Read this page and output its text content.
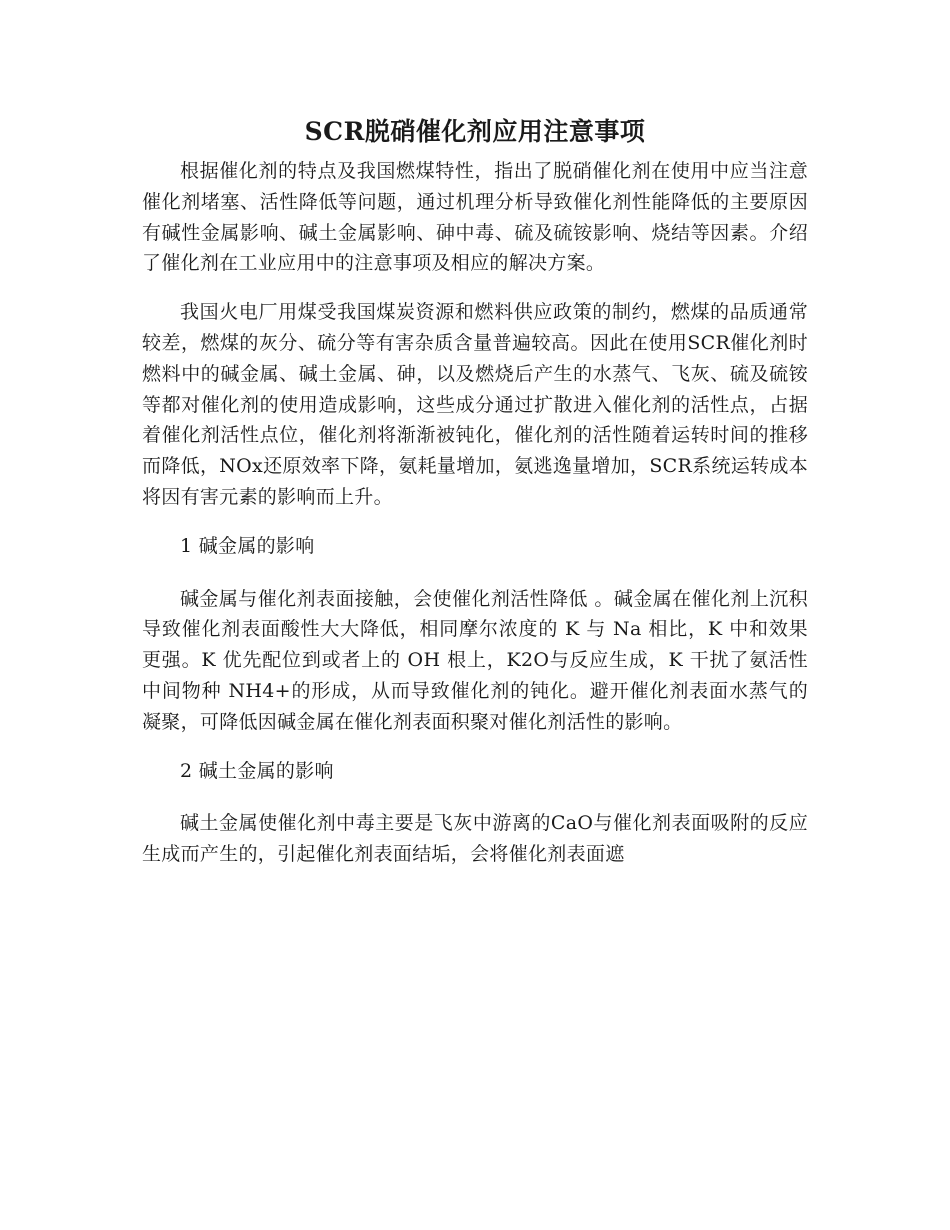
SCR脱硝催化剂应用注意事项

根据催化剂的特点及我国燃煤特性，指出了脱硝催化剂在使用中应当注意催化剂堵塞、活性降低等问题，通过机理分析导致催化剂性能降低的主要原因有碱性金属影响、碱土金属影响、砷中毒、硫及硫铵影响、烧结等因素。介绍了催化剂在工业应用中的注意事项及相应的解决方案。

我国火电厂用煤受我国煤炭资源和燃料供应政策的制约，燃煤的品质通常较差，燃煤的灰分、硫分等有害杂质含量普遍较高。因此在使用SCR催化剂时燃料中的碱金属、碱土金属、砷，以及燃烧后产生的水蒸气、飞灰、硫及硫铵等都对催化剂的使用造成影响，这些成分通过扩散进入催化剂的活性点，占据着催化剂活性点位，催化剂将渐渐被钝化，催化剂的活性随着运转时间的推移而降低，NOx还原效率下降，氨耗量增加，氨逃逸量增加，SCR系统运转成本将因有害元素的影响而上升。

1 碱金属的影响

碱金属与催化剂表面接触，会使催化剂活性降低 。碱金属在催化剂上沉积导致催化剂表面酸性大大降低，相同摩尔浓度的 K 与 Na 相比，K 中和效果更强。K 优先配位到或者上的 OH 根上，K2O与反应生成，K 干扰了氨活性中间物种 NH4+的形成，从而导致催化剂的钝化。避开催化剂表面水蒸气的凝聚，可降低因碱金属在催化剂表面积聚对催化剂活性的影响。

2 碱土金属的影响

碱土金属使催化剂中毒主要是飞灰中游离的CaO与催化剂表面吸附的反应生成而产生的，引起催化剂表面结垢，会将催化剂表面遮
